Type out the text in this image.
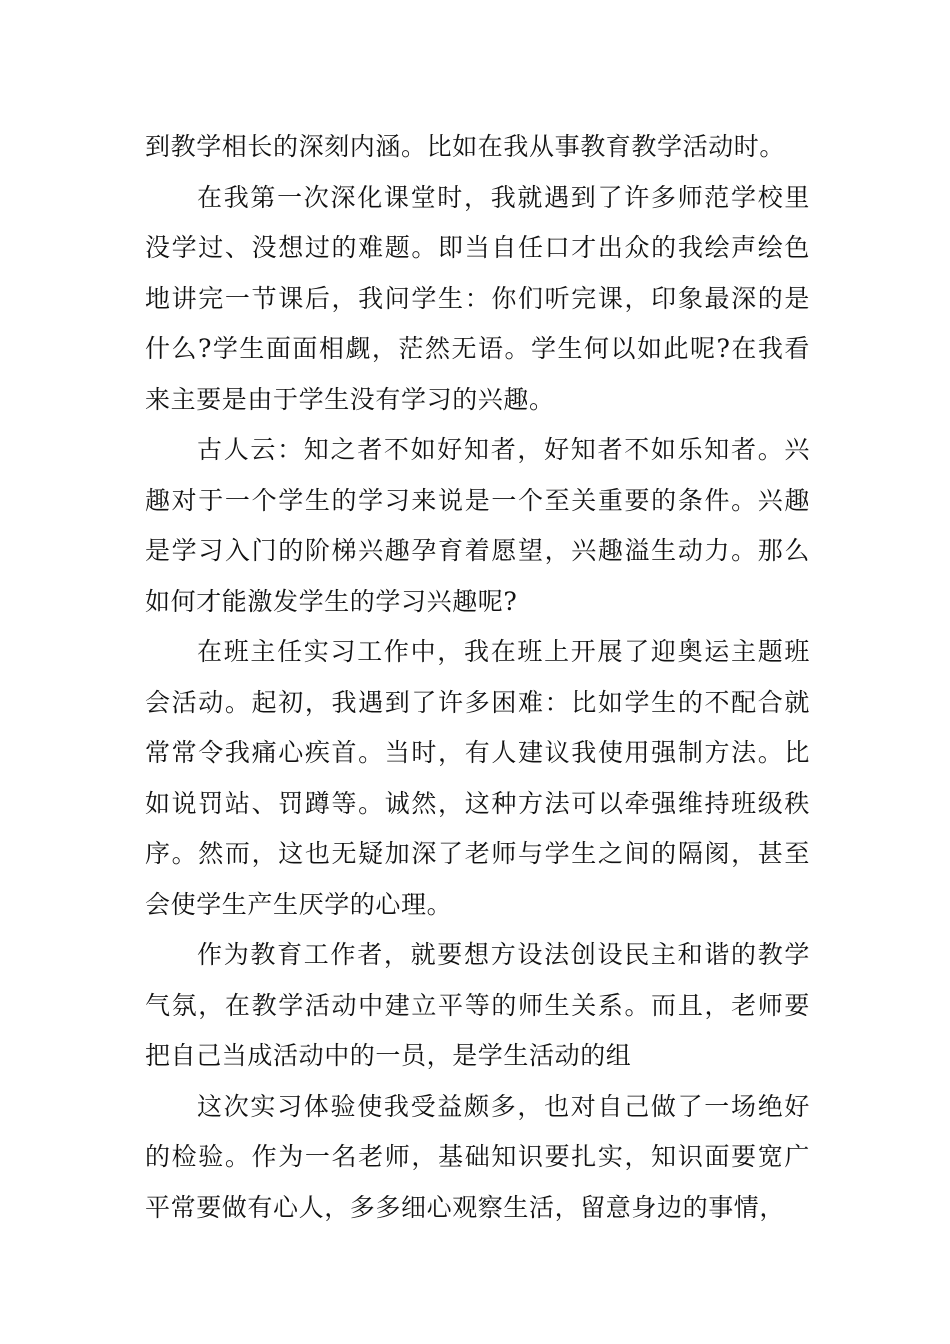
到教学相长的深刻内涵。比如在我从事教育教学活动时。

在我第一次深化课堂时，我就遇到了许多师范学校里没学过、没想过的难题。即当自任口才出众的我绘声绘色地讲完一节课后，我问学生：你们听完课，印象最深的是什么?学生面面相觑，茫然无语。学生何以如此呢?在我看来主要是由于学生没有学习的兴趣。

古人云：知之者不如好知者，好知者不如乐知者。兴趣对于一个学生的学习来说是一个至关重要的条件。兴趣是学习入门的阶梯兴趣孕育着愿望，兴趣溢生动力。那么如何才能激发学生的学习兴趣呢?

在班主任实习工作中，我在班上开展了迎奥运主题班会活动。起初，我遇到了许多困难：比如学生的不配合就常常令我痛心疾首。当时，有人建议我使用强制方法。比如说罚站、罚蹲等。诚然，这种方法可以牵强维持班级秩序。然而，这也无疑加深了老师与学生之间的隔阂，甚至会使学生产生厌学的心理。

作为教育工作者，就要想方设法创设民主和谐的教学气氛，在教学活动中建立平等的师生关系。而且，老师要把自己当成活动中的一员，是学生活动的组

这次实习体验使我受益颇多，也对自己做了一场绝好的检验。作为一名老师，基础知识要扎实，知识面要宽广平常要做有心人，多多细心观察生活，留意身边的事情，
